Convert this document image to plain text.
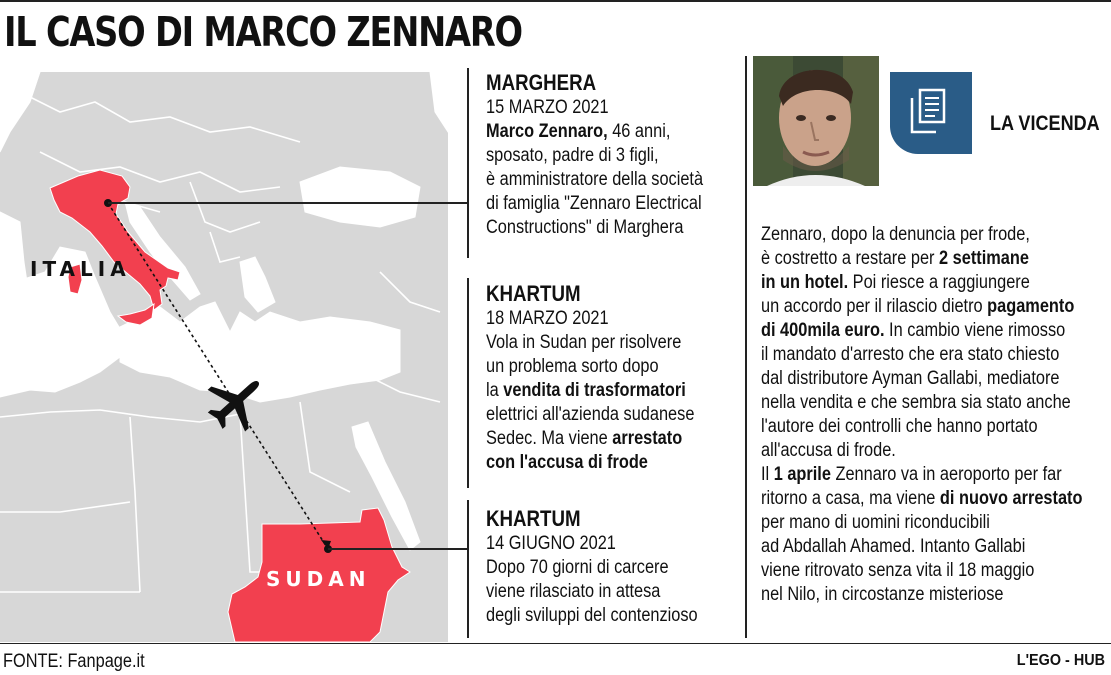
IL CASO DI MARCO ZENNARO
ITALIA
SUDAN
MARGHERA
15 MARZO 2021
Marco Zennaro, 46 anni,
sposato, padre di 3 figli,
è amministratore della società
di famiglia "Zennaro Electrical
Constructions" di Marghera
KHARTUM
18 MARZO 2021
Vola in Sudan per risolvere
un problema sorto dopo
la vendita di trasformatori
elettrici all'azienda sudanese
Sedec. Ma viene arrestato
con l'accusa di frode
KHARTUM
14 GIUGNO 2021
Dopo 70 giorni di carcere
viene rilasciato in attesa
degli sviluppi del contenzioso
LA VICENDA
Zennaro, dopo la denuncia per frode,
è costretto a restare per 2 settimane
in un hotel. Poi riesce a raggiungere
un accordo per il rilascio dietro pagamento
di 400mila euro. In cambio viene rimosso
il mandato d'arresto che era stato chiesto
dal distributore Ayman Gallabi, mediatore
nella vendita e che sembra sia stato anche
l'autore dei controlli che hanno portato
all'accusa di frode.
Il 1 aprile Zennaro va in aeroporto per far
ritorno a casa, ma viene di nuovo arrestato
per mano di uomini riconducibili
ad Abdallah Ahamed. Intanto Gallabi
viene ritrovato senza vita il 18 maggio
nel Nilo, in circostanze misteriose
FONTE: Fanpage.it	L'EGO - HUB
